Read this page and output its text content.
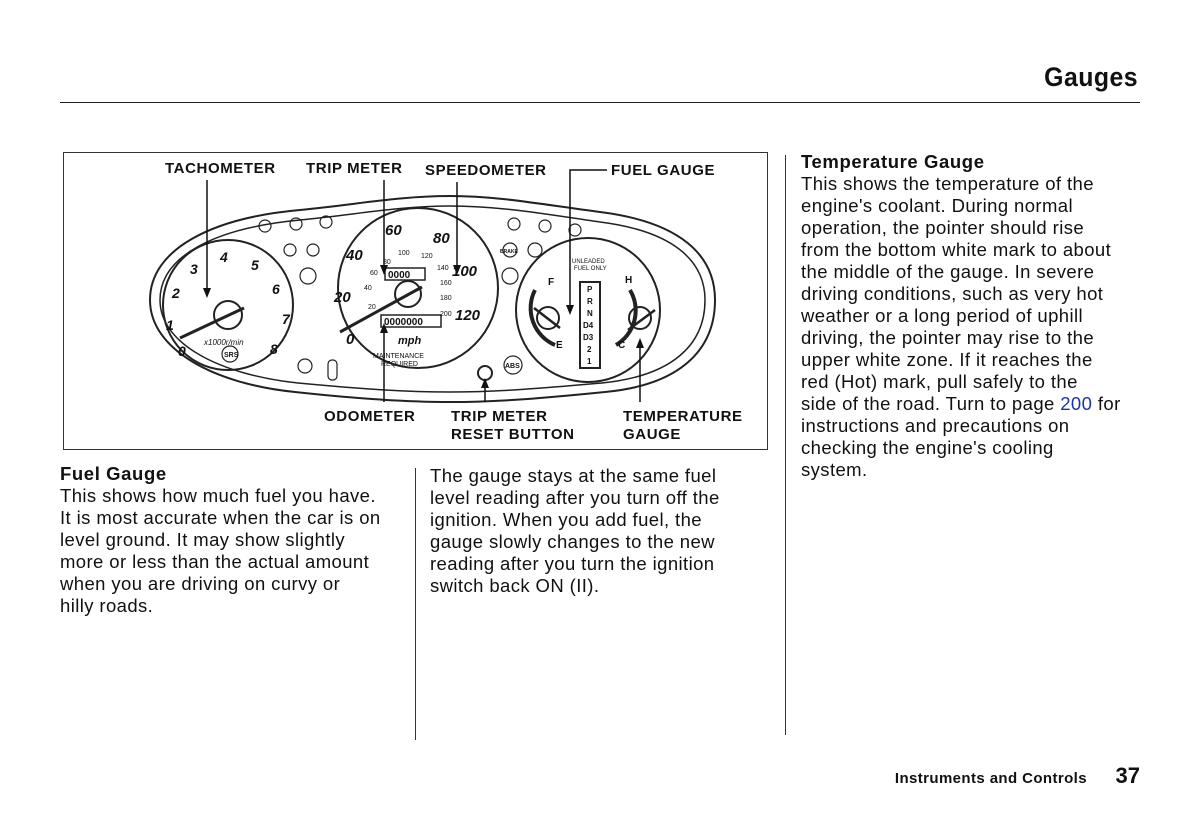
Gauges
TACHOMETER TRIP METER SPEEDOMETER	FUEL GAUGE
ODOMETER TRIP METER
RESET BUTTON
TEMPERATURE
GAUGE
0
1
2
3
4 5
6
7
8
0
20
40
60 80
100
120
20
40
60
80
100 120
140
160
180
200
x1000r/min
SRS
mph
MAINTENANCE
REQUIRED	ABS
BRAKE
UNLEADED
FUEL ONLY
F
E
H
C
0000
0000000
P
R
N
D4
D3
2
1
Fuel Gauge
This shows how much fuel you have.
It is most accurate when the car is on
level ground. It may show slightly
more or less than the actual amount
when you are driving on curvy or
hilly roads.
The gauge stays at the same fuel
level reading after you turn off the
ignition. When you add fuel, the
gauge slowly changes to the new
reading after you turn the ignition
switch back ON (II).
Temperature Gauge
This shows the temperature of the
engine's coolant. During normal
operation, the pointer should rise
from the bottom white mark to about
the middle of the gauge. In severe
driving conditions, such as very hot
weather or a long period of uphill
driving, the pointer may rise to the
upper white zone. If it reaches the
red (Hot) mark, pull safely to the
side of the road. Turn to page 200 for
instructions and precautions on
checking the engine's cooling
system.
Instruments and Controls 37
